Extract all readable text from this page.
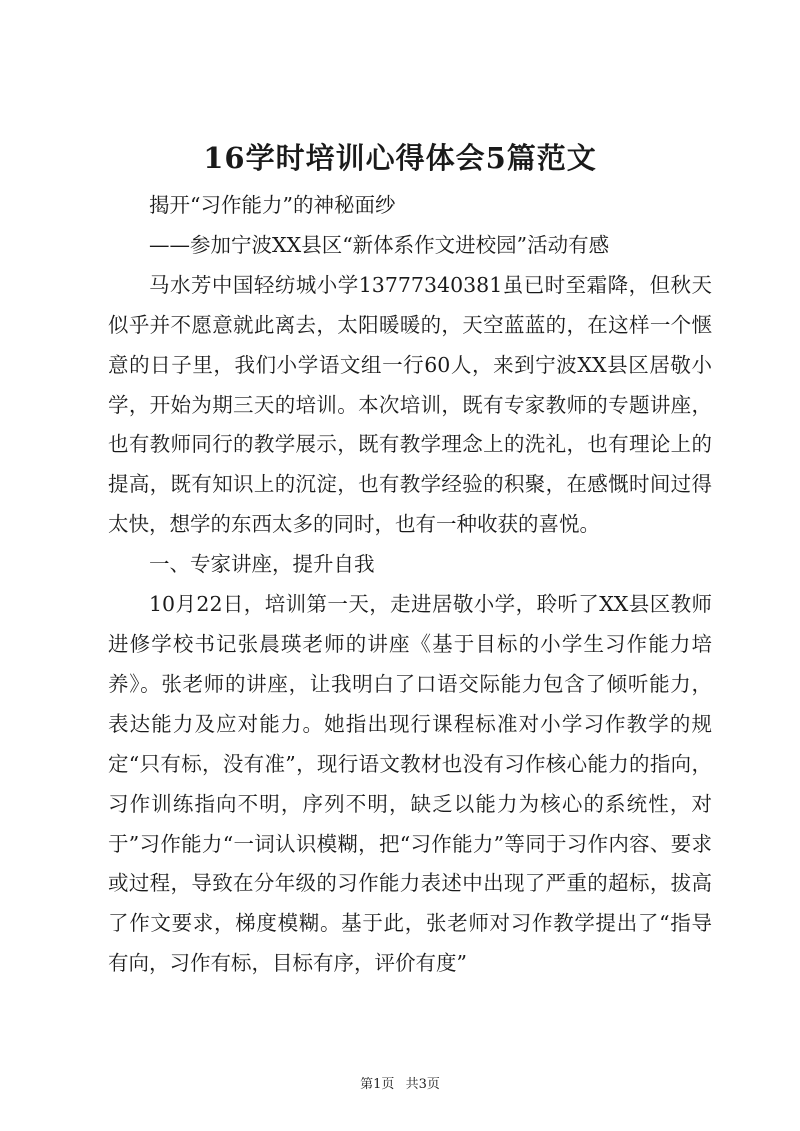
16学时培训心得体会5篇范文

揭开“习作能力”的神秘面纱

——参加宁波XX县区“新体系作文进校园”活动有感

马水芳中国轻纺城小学13777340381虽已时至霜降，但秋天似乎并不愿意就此离去，太阳暖暖的，天空蓝蓝的，在这样一个惬意的日子里，我们小学语文组一行60人，来到宁波XX县区居敬小学，开始为期三天的培训。本次培训，既有专家教师的专题讲座，也有教师同行的教学展示，既有教学理念上的洗礼，也有理论上的提高，既有知识上的沉淀，也有教学经验的积聚，在感慨时间过得太快，想学的东西太多的同时，也有一种收获的喜悦。

一、专家讲座，提升自我

10月22日，培训第一天，走进居敬小学，聆听了XX县区教师进修学校书记张晨瑛老师的讲座《基于目标的小学生习作能力培养》。张老师的讲座，让我明白了口语交际能力包含了倾听能力，表达能力及应对能力。她指出现行课程标准对小学习作教学的规定“只有标，没有准”，现行语文教材也没有习作核心能力的指向，习作训练指向不明，序列不明，缺乏以能力为核心的系统性，对于”习作能力“一词认识模糊，把“习作能力”等同于习作内容、要求或过程，导致在分年级的习作能力表述中出现了严重的超标，拔高了作文要求，梯度模糊。基于此，张老师对习作教学提出了“指导有向，习作有标，目标有序，评价有度”

第1页 共3页
